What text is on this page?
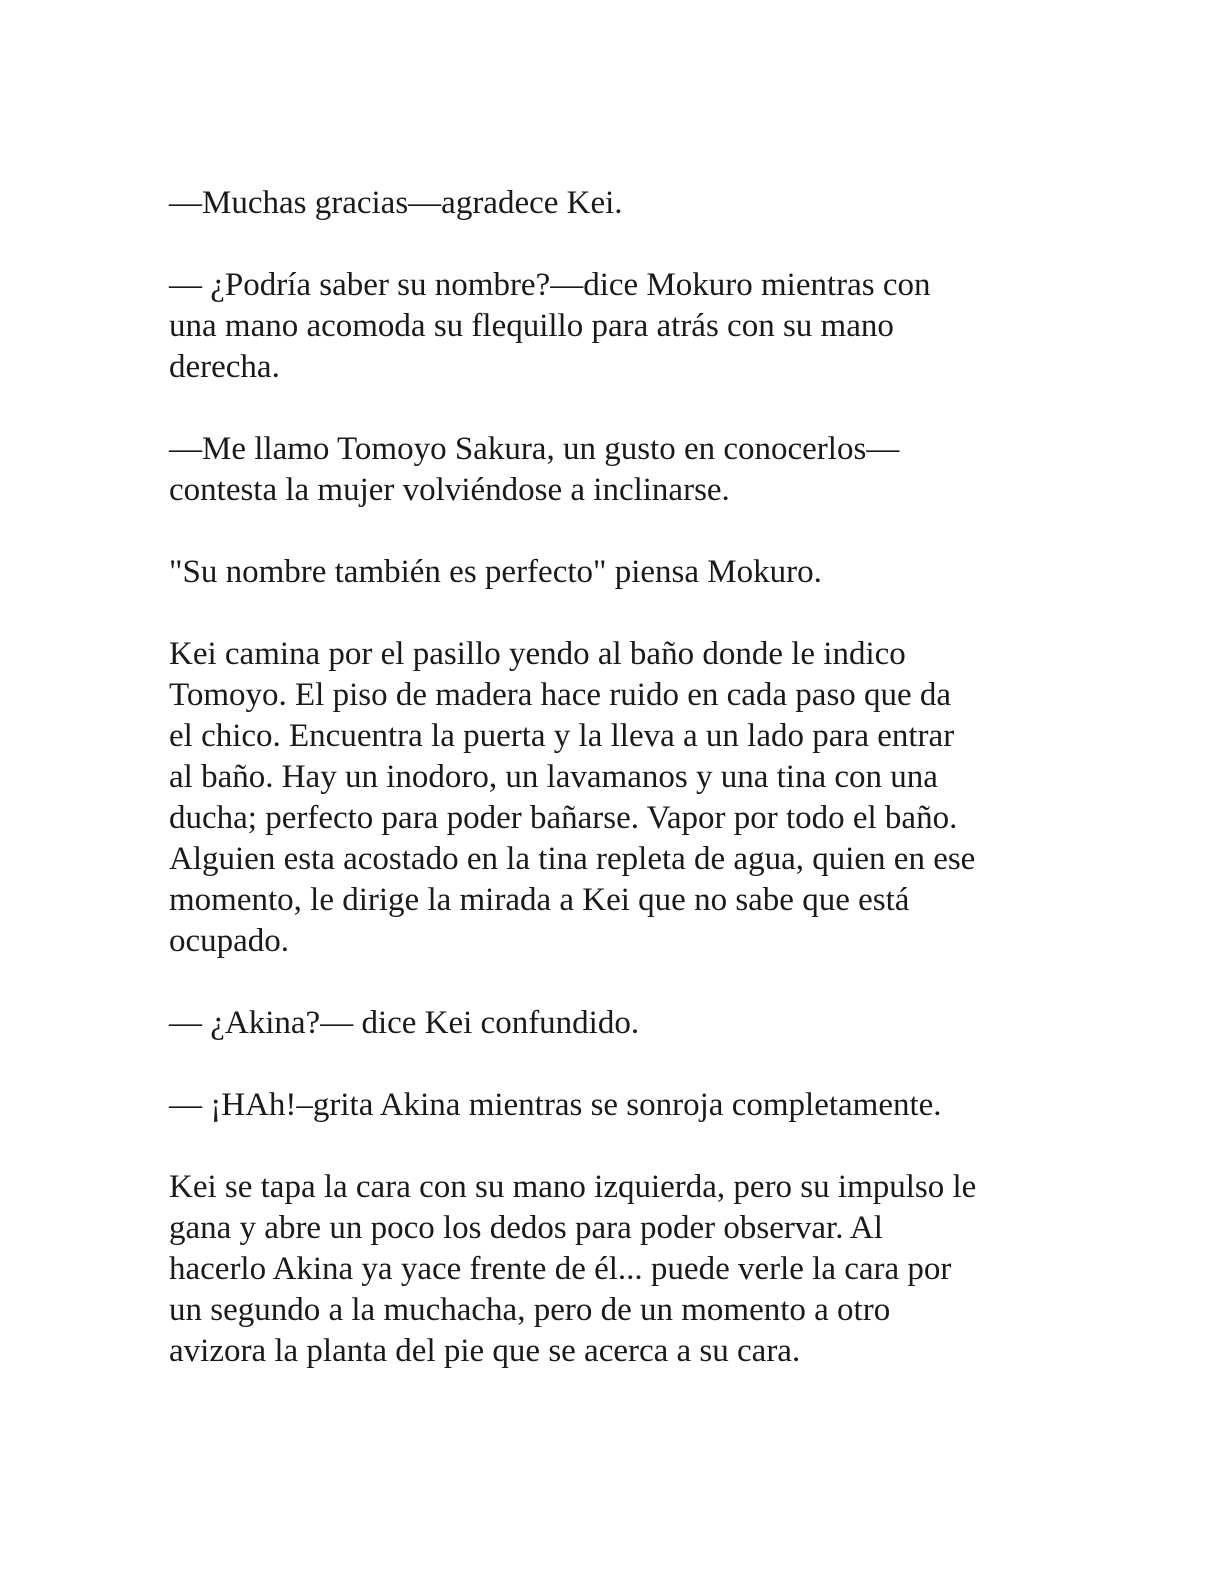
—Muchas gracias—agradece Kei.

— ¿Podría saber su nombre?—dice Mokuro mientras con
una mano acomoda su flequillo para atrás con su mano
derecha.

—Me llamo Tomoyo Sakura, un gusto en conocerlos—
contesta la mujer volviéndose a inclinarse.

"Su nombre también es perfecto" piensa Mokuro.

Kei camina por el pasillo yendo al baño donde le indico
Tomoyo. El piso de madera hace ruido en cada paso que da
el chico. Encuentra la puerta y la lleva a un lado para entrar
al baño. Hay un inodoro, un lavamanos y una tina con una
ducha; perfecto para poder bañarse. Vapor por todo el baño.
Alguien esta acostado en la tina repleta de agua, quien en ese
momento, le dirige la mirada a Kei que no sabe que está
ocupado.

— ¿Akina?— dice Kei confundido.

— ¡HAh!–grita Akina mientras se sonroja completamente.

Kei se tapa la cara con su mano izquierda, pero su impulso le
gana y abre un poco los dedos para poder observar. Al
hacerlo Akina ya yace frente de él... puede verle la cara por
un segundo a la muchacha, pero de un momento a otro
avizora la planta del pie que se acerca a su cara.
